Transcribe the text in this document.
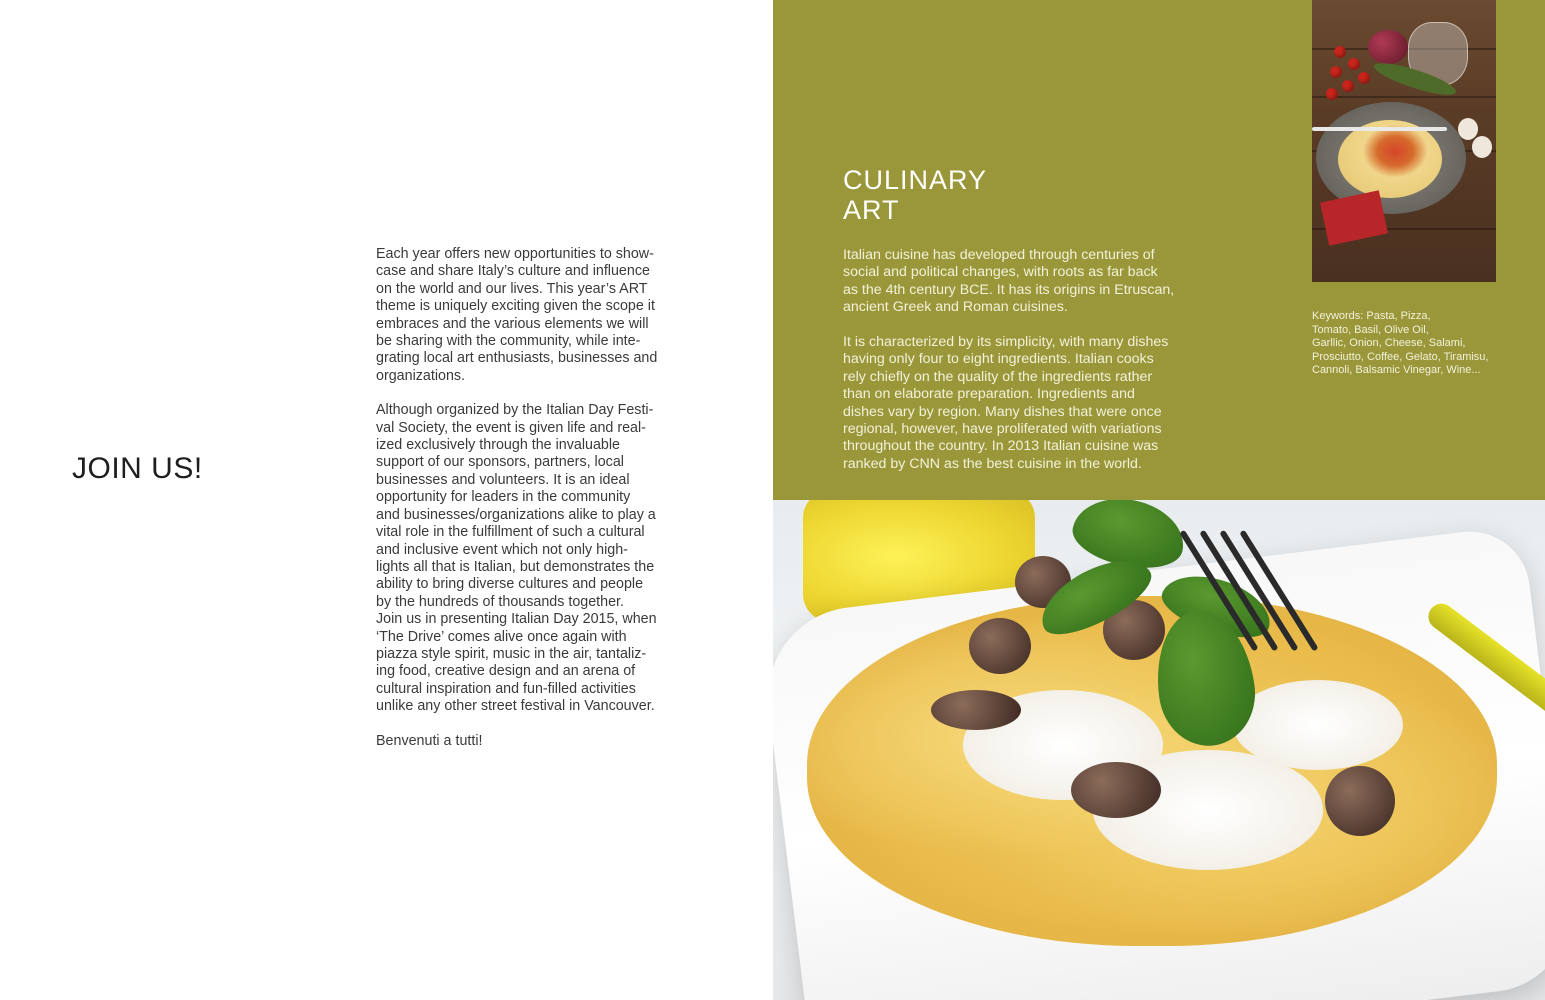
JOIN US!

Each year offers new opportunities to show-
case and share Italy’s culture and influence
on the world and our lives. This year’s ART
theme is uniquely exciting given the scope it
embraces and the various elements we will
be sharing with the community, while inte-
grating local art enthusiasts, businesses and
organizations.

Although organized by the Italian Day Festi-
val Society, the event is given life and real-
ized exclusively through the invaluable
support of our sponsors, partners, local
businesses and volunteers. It is an ideal
opportunity for leaders in the community
and businesses/organizations alike to play a
vital role in the fulfillment of such a cultural
and inclusive event which not only high-
lights all that is Italian, but demonstrates the
ability to bring diverse cultures and people
by the hundreds of thousands together.
Join us in presenting Italian Day 2015, when
‘The Drive’ comes alive once again with
piazza style spirit, music in the air, tantaliz-
ing food, creative design and an arena of
cultural inspiration and fun-filled activities
unlike any other street festival in Vancouver.

Benvenuti a tutti!

CULINARY
ART

Italian cuisine has developed through centuries of
social and political changes, with roots as far back
as the 4th century BCE. It has its origins in Etruscan,
ancient Greek and Roman cuisines.

It is characterized by its simplicity, with many dishes
having only four to eight ingredients. Italian cooks
rely chiefly on the quality of the ingredients rather
than on elaborate preparation. Ingredients and
dishes vary by region. Many dishes that were once
regional, however, have proliferated with variations
throughout the country. In 2013 Italian cuisine was
ranked by CNN as the best cuisine in the world.

Keywords: Pasta, Pizza,
Tomato, Basil, Olive Oil,
Garllic, Onion, Cheese, Salami,
Prosciutto, Coffee, Gelato, Tiramisu,
Cannoli, Balsamic Vinegar, Wine...
